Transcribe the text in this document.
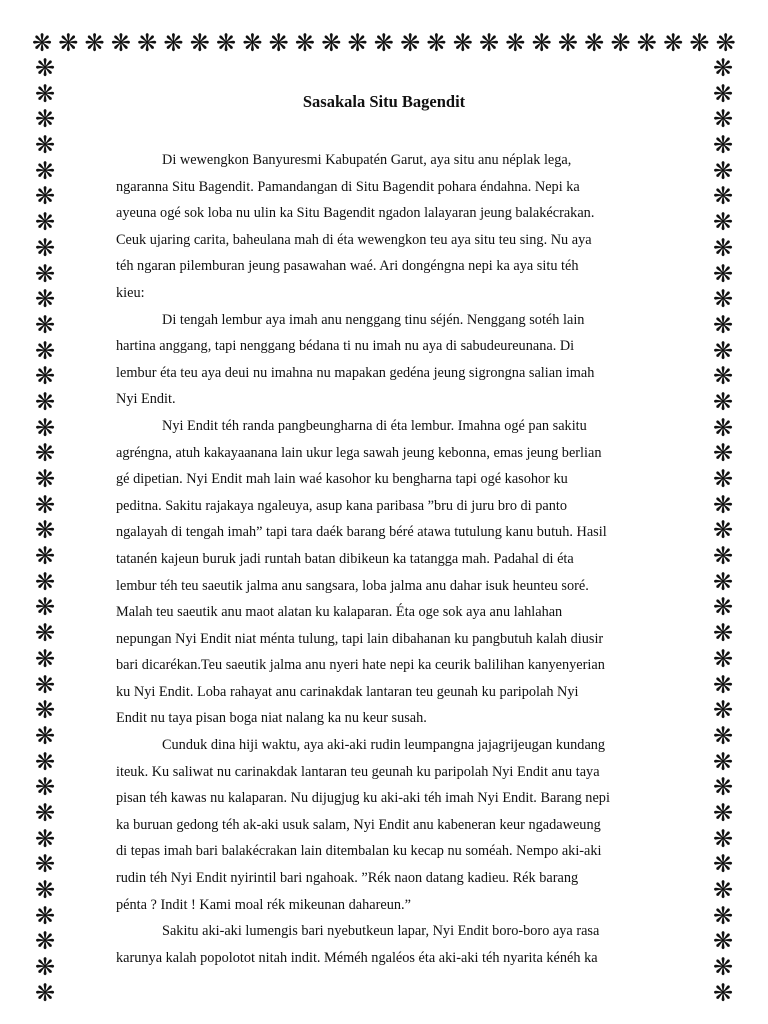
❋ ❋ ❋ ❋ ❋ ❋ ❋ ❋ ❋ ❋ ❋ ❋ ❋ ❋ ❋ ❋ ❋ ❋ ❋ ❋ ❋ ❋ ❋ ❋ ❋ ❋ ❋
❋
❋
❋
❋
❋
❋
❋
❋
❋
❋
❋
❋
❋
❋
❋
❋
❋
❋
❋
❋
❋
❋
❋
❋
❋
❋
❋
❋
❋
❋
❋
❋
❋
❋
❋
❋
❋
❋
❋
❋
❋
❋
❋
❋
❋
❋
❋
❋
❋
❋
❋
❋
❋
❋
❋
❋
❋
❋
❋
❋
❋
❋
❋
❋
❋
❋
❋
❋
❋
❋
❋
❋
❋
❋
Sasakala Situ Bagendit

Di wewengkon Banyuresmi Kabupatén Garut, aya situ anu néplak lega,
ngaranna Situ Bagendit. Pamandangan di Situ Bagendit pohara éndahna. Nepi ka
ayeuna ogé sok loba nu ulin ka Situ Bagendit ngadon lalayaran jeung balakécrakan.
Ceuk ujaring carita, baheulana mah di éta wewengkon teu aya situ teu sing. Nu aya
téh ngaran pilemburan jeung pasawahan waé. Ari dongéngna nepi ka aya situ téh
kieu:

Di tengah lembur aya imah anu nenggang tinu séjén. Nenggang sotéh lain
hartina anggang, tapi nenggang bédana ti nu imah nu aya di sabudeureunana. Di
lembur éta teu aya deui nu imahna nu mapakan gedéna jeung sigrongna salian imah
Nyi Endit.

Nyi Endit téh randa pangbeungharna di éta lembur. Imahna ogé pan sakitu
agréngna, atuh kakayaanana lain ukur lega sawah jeung kebonna, emas jeung berlian
gé dipetian. Nyi Endit mah lain waé kasohor ku bengharna tapi ogé kasohor ku
peditna. Sakitu rajakaya ngaleuya, asup kana paribasa ”bru di juru bro di panto
ngalayah di tengah imah” tapi tara daék barang béré atawa tutulung kanu butuh. Hasil
tatanén kajeun buruk jadi runtah batan dibikeun ka tatangga mah. Padahal di éta
lembur téh teu saeutik jalma anu sangsara, loba jalma anu dahar isuk heunteu soré.
Malah teu saeutik anu maot alatan ku kalaparan. Éta oge sok aya anu lahlahan
nepungan Nyi Endit niat ménta tulung, tapi lain dibahanan ku pangbutuh kalah diusir
bari dicarékan.Teu saeutik jalma anu nyeri hate nepi ka ceurik balilihan kanyenyerian
ku Nyi Endit. Loba rahayat anu carinakdak lantaran teu geunah ku paripolah Nyi
Endit nu taya pisan boga niat nalang ka nu keur susah.

Cunduk dina hiji waktu, aya aki-aki rudin leumpangna jajagrijeugan kundang
iteuk. Ku saliwat nu carinakdak lantaran teu geunah ku paripolah Nyi Endit anu taya
pisan téh kawas nu kalaparan. Nu dijugjug ku aki-aki téh imah Nyi Endit. Barang nepi
ka buruan gedong téh ak-aki usuk salam, Nyi Endit anu kabeneran keur ngadaweung
di tepas imah bari balakécrakan lain ditembalan ku kecap nu soméah. Nempo aki-aki
rudin téh Nyi Endit nyirintil bari ngahoak. ”Rék naon datang kadieu. Rék barang
pénta ? Indit ! Kami moal rék mikeunan dahareun.”

Sakitu aki-aki lumengis bari nyebutkeun lapar, Nyi Endit boro-boro aya rasa
karunya kalah popolotot nitah indit. Méméh ngaléos éta aki-aki téh nyarita kénéh ka
